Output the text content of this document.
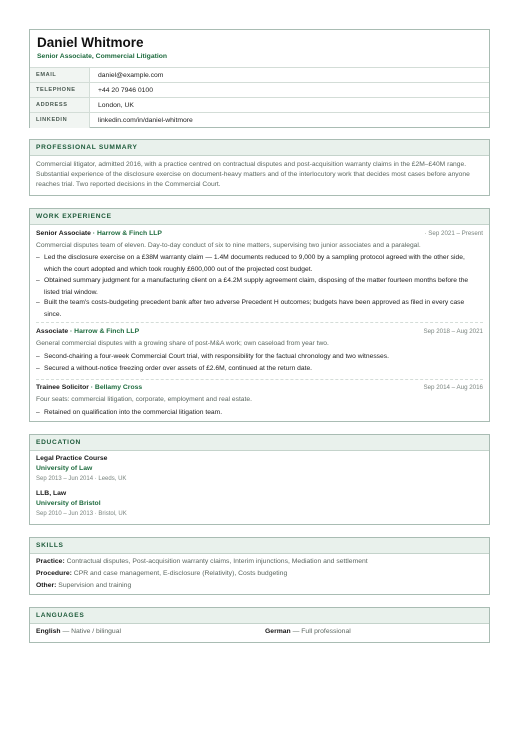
Daniel Whitmore
Senior Associate, Commercial Litigation
EMAIL	daniel@example.com
TELEPHONE	+44 20 7946 0100
ADDRESS	London, UK
LINKEDIN	linkedin.com/in/daniel-whitmore
PROFESSIONAL SUMMARY
Commercial litigator, admitted 2016, with a practice centred on contractual disputes and post-acquisition warranty claims in the £2M–£40M range. Substantial experience of the disclosure exercise on document-heavy matters and of the interlocutory work that decides most cases before anyone reaches trial. Two reported decisions in the Commercial Court.
WORK EXPERIENCE
Senior Associate · Harrow & Finch LLP	· Sep 2021 – Present
Commercial disputes team of eleven. Day-to-day conduct of six to nine matters, supervising two junior associates and a paralegal.
– Led the disclosure exercise on a £38M warranty claim — 1.4M documents reduced to 9,000 by a sampling protocol agreed with the other side, which the court adopted and which took roughly £600,000 out of the projected cost budget.
– Obtained summary judgment for a manufacturing client on a £4.2M supply agreement claim, disposing of the matter fourteen months before the listed trial window.
– Built the team's costs-budgeting precedent bank after two adverse Precedent H outcomes; budgets have been approved as filed in every case since.
Associate · Harrow & Finch LLP	Sep 2018 – Aug 2021
General commercial disputes with a growing share of post-M&A work; own caseload from year two.
– Second-chairing a four-week Commercial Court trial, with responsibility for the factual chronology and two witnesses.
– Secured a without-notice freezing order over assets of £2.6M, continued at the return date.
Trainee Solicitor · Bellamy Cross	Sep 2014 – Aug 2016
Four seats: commercial litigation, corporate, employment and real estate.
– Retained on qualification into the commercial litigation team.
EDUCATION
Legal Practice Course
University of Law
Sep 2013 – Jun 2014 · Leeds, UK
LLB, Law
University of Bristol
Sep 2010 – Jun 2013 · Bristol, UK
SKILLS
Practice: Contractual disputes, Post-acquisition warranty claims, Interim injunctions, Mediation and settlement
Procedure: CPR and case management, E-disclosure (Relativity), Costs budgeting
Other: Supervision and training
LANGUAGES
English — Native / bilingual	German — Full professional
